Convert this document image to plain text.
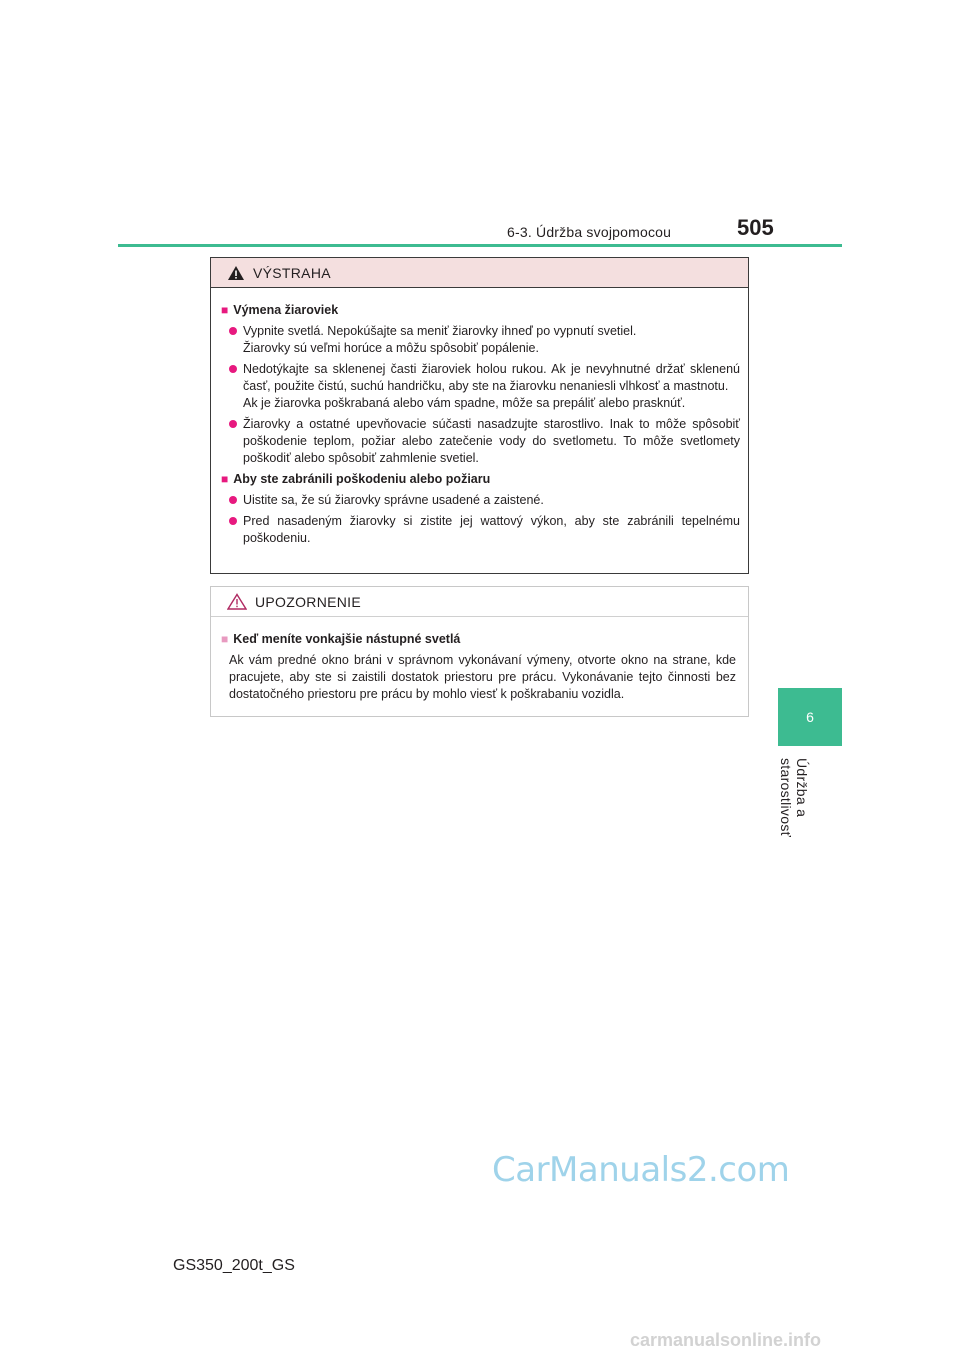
6-3. Údržba svojpomocou	505
6
Údržba a starostlivosť
VÝSTRAHA
■ Výmena žiaroviek
Vypnite svetlá. Nepokúšajte sa meniť žiarovky ihneď po vypnutí svetiel.
Žiarovky sú veľmi horúce a môžu spôsobiť popálenie.
Nedotýkajte sa sklenenej časti žiaroviek holou rukou. Ak je nevyhnutné držať sklenenú časť, použite čistú, suchú handričku, aby ste na žiarovku nenaniesli vlhkosť a mastnotu.
Ak je žiarovka poškrabaná alebo vám spadne, môže sa prepáliť alebo prasknúť.
Žiarovky a ostatné upevňovacie súčasti nasadzujte starostlivo. Inak to môže spôsobiť poškodenie teplom, požiar alebo zatečenie vody do svetlometu. To môže svetlomety poškodiť alebo spôsobiť zahmlenie svetiel.
■ Aby ste zabránili poškodeniu alebo požiaru
Uistite sa, že sú žiarovky správne usadené a zaistené.
Pred nasadeným žiarovky si zistite jej wattový výkon, aby ste zabránili tepelnému poškodeniu.
UPOZORNENIE
■ Keď meníte vonkajšie nástupné svetlá
Ak vám predné okno bráni v správnom vykonávaní výmeny, otvorte okno na strane, kde pracujete, aby ste si zaistili dostatok priestoru pre prácu. Vykonávanie tejto činnosti bez dostatočného priestoru pre prácu by mohlo viesť k poškrabaniu vozidla.
CarManuals2.com
GS350_200t_GS
carmanualsonline.info
